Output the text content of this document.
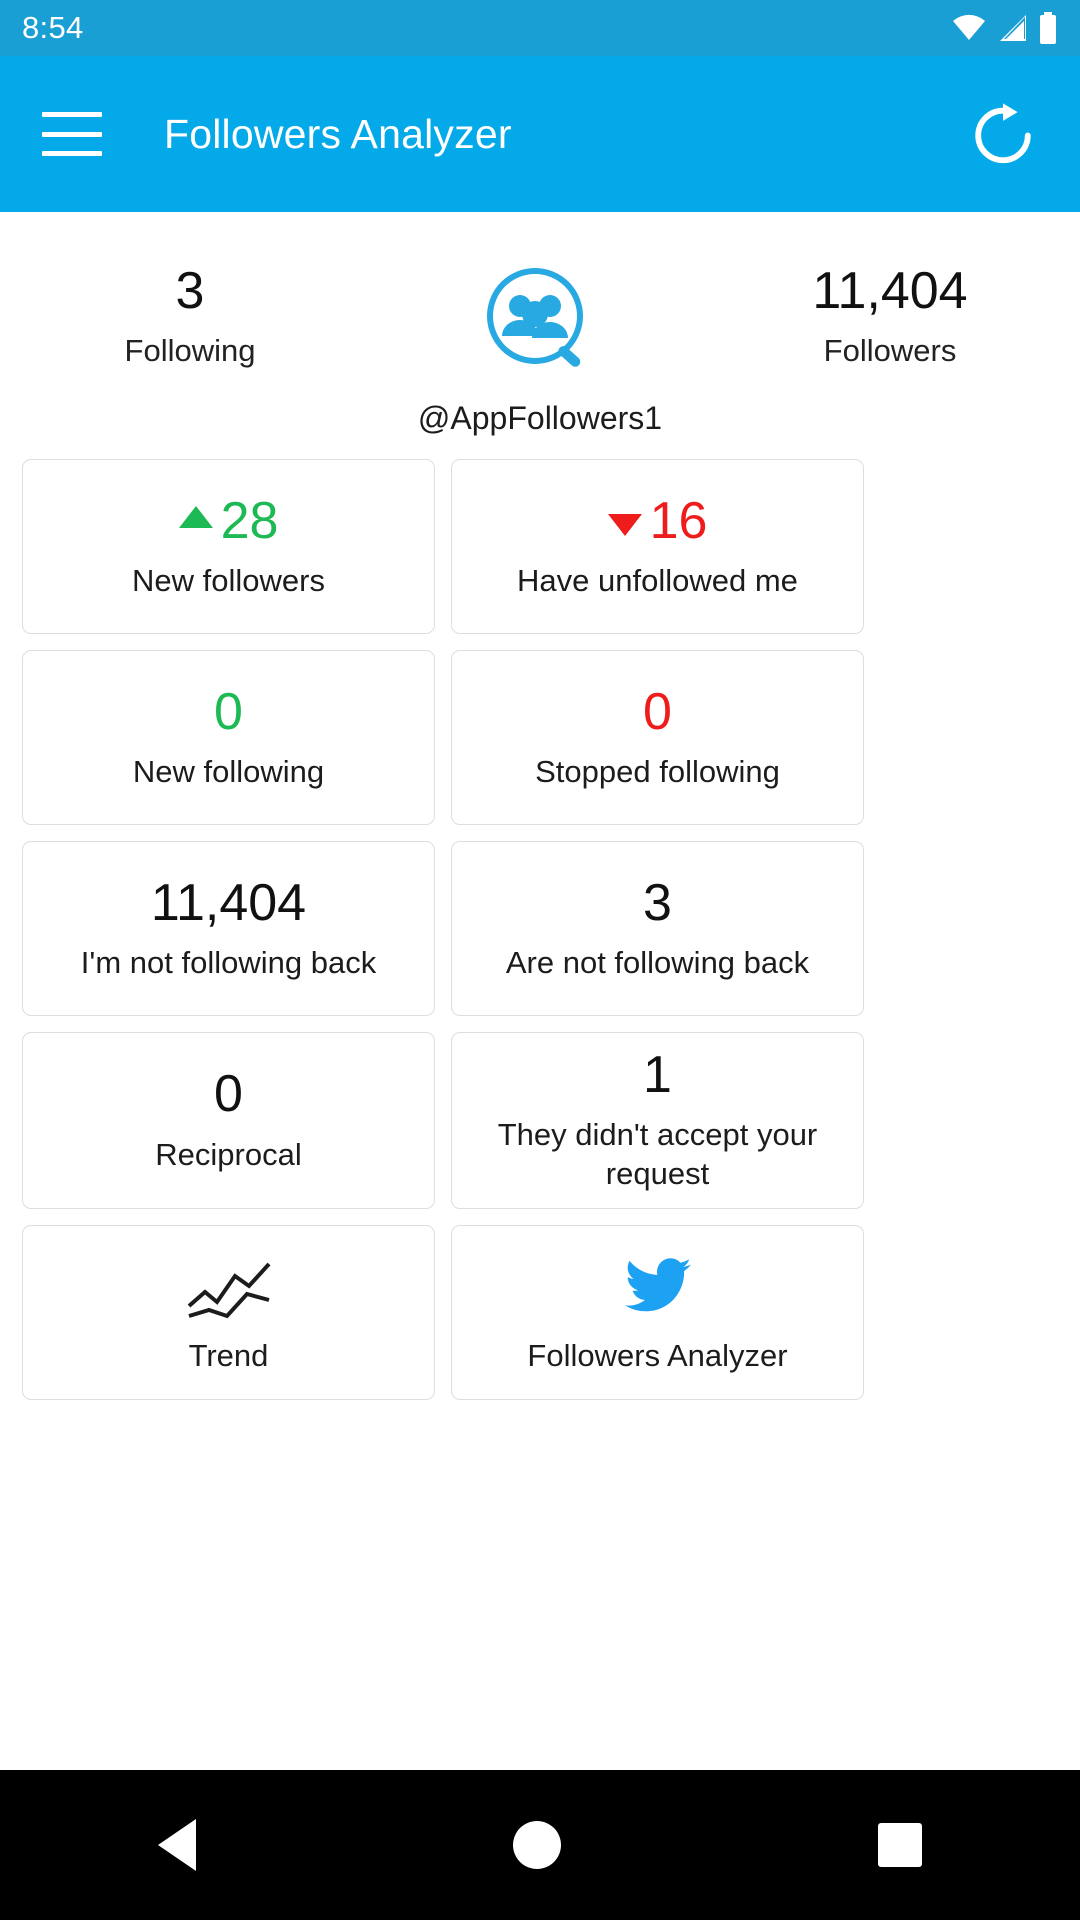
8:54
Followers Analyzer
3
Following
@AppFollowers1
11,404
Followers
28
New followers
16
Have unfollowed me
0
New following
0
Stopped following
11,404
I'm not following back
3
Are not following back
0
Reciprocal
1
They didn't accept your request
Trend	Followers Analyzer
